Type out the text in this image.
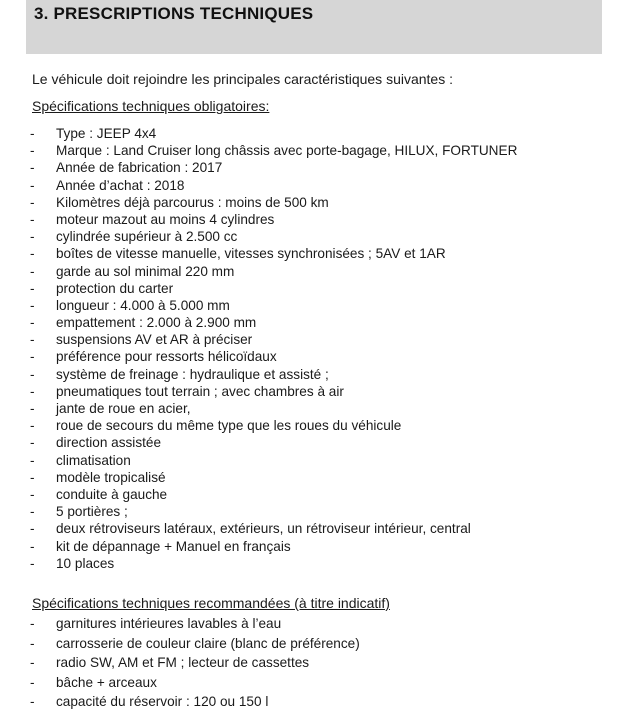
3. PRESCRIPTIONS TECHNIQUES
Le véhicule doit rejoindre les principales caractéristiques suivantes :
Spécifications techniques obligatoires:
-	Type : JEEP 4x4
-	Marque : Land Cruiser long châssis avec porte-bagage, HILUX, FORTUNER
-	Année de fabrication : 2017
-	Année d’achat : 2018
-	Kilomètres déjà parcourus : moins de 500 km
-	moteur mazout au moins 4 cylindres
-	cylindrée supérieur à 2.500 cc
-	boîtes de vitesse manuelle, vitesses synchronisées ; 5AV et 1AR
-	garde au sol minimal 220 mm
-	protection du carter
-	longueur : 4.000 à 5.000 mm
-	empattement : 2.000 à 2.900 mm
-	suspensions AV et AR à préciser
-	préférence pour ressorts hélicoïdaux
-	système de freinage : hydraulique et assisté ;
-	pneumatiques tout terrain ; avec chambres à air
-	jante de roue en acier,
-	roue de secours du même type que les roues du véhicule
-	direction assistée
-	climatisation
-	modèle tropicalisé
-	conduite à gauche
-	5 portières ;
-	deux rétroviseurs latéraux, extérieurs, un rétroviseur intérieur, central
-	kit de dépannage + Manuel en français
-	10 places
Spécifications techniques recommandées (à titre indicatif)
-	garnitures intérieures lavables à l’eau
-	carrosserie de couleur claire (blanc de préférence)
-	radio SW, AM et FM ; lecteur de cassettes
-	bâche + arceaux
-	capacité du réservoir : 120 ou 150 l
